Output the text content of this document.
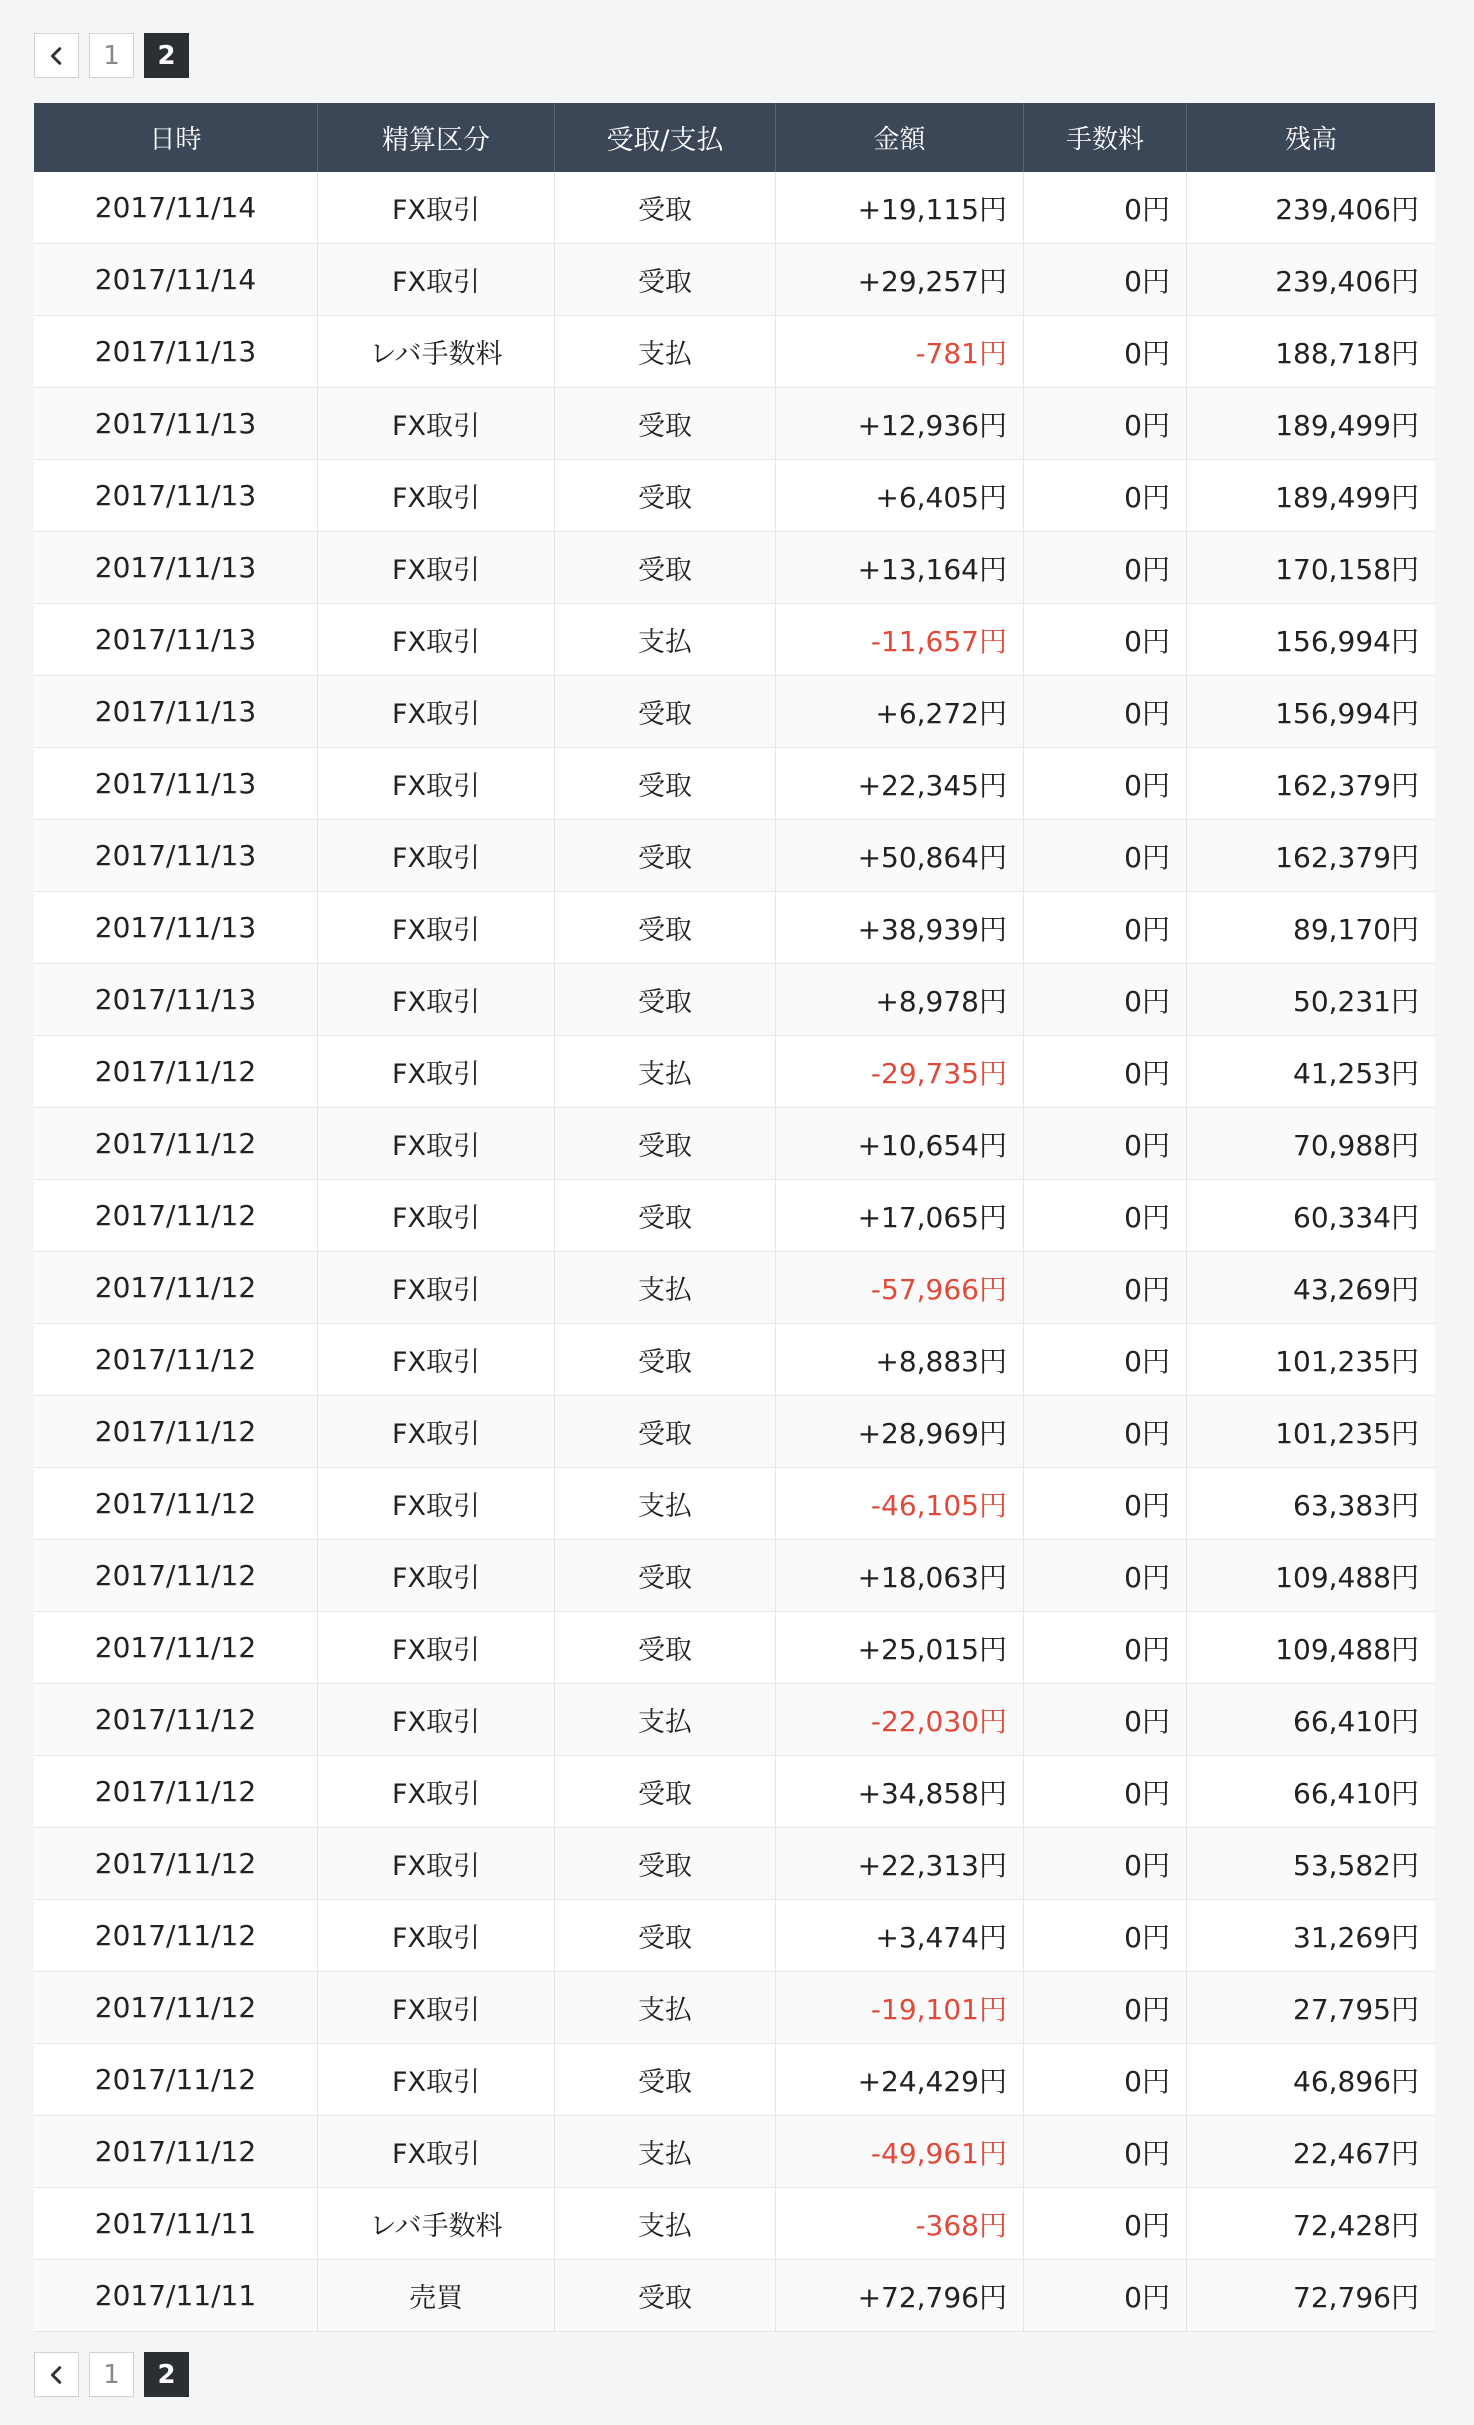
1	2
日時	精算区分	受取/支払	金額	手数料	残高
2017/11/14	FX取引	受取	+19,115円	0円	239,406円
2017/11/14	FX取引	受取	+29,257円	0円	239,406円
2017/11/13	レバ手数料	支払	-781円	0円	188,718円
2017/11/13	FX取引	受取	+12,936円	0円	189,499円
2017/11/13	FX取引	受取	+6,405円	0円	189,499円
2017/11/13	FX取引	受取	+13,164円	0円	170,158円
2017/11/13	FX取引	支払	-11,657円	0円	156,994円
2017/11/13	FX取引	受取	+6,272円	0円	156,994円
2017/11/13	FX取引	受取	+22,345円	0円	162,379円
2017/11/13	FX取引	受取	+50,864円	0円	162,379円
2017/11/13	FX取引	受取	+38,939円	0円	89,170円
2017/11/13	FX取引	受取	+8,978円	0円	50,231円
2017/11/12	FX取引	支払	-29,735円	0円	41,253円
2017/11/12	FX取引	受取	+10,654円	0円	70,988円
2017/11/12	FX取引	受取	+17,065円	0円	60,334円
2017/11/12	FX取引	支払	-57,966円	0円	43,269円
2017/11/12	FX取引	受取	+8,883円	0円	101,235円
2017/11/12	FX取引	受取	+28,969円	0円	101,235円
2017/11/12	FX取引	支払	-46,105円	0円	63,383円
2017/11/12	FX取引	受取	+18,063円	0円	109,488円
2017/11/12	FX取引	受取	+25,015円	0円	109,488円
2017/11/12	FX取引	支払	-22,030円	0円	66,410円
2017/11/12	FX取引	受取	+34,858円	0円	66,410円
2017/11/12	FX取引	受取	+22,313円	0円	53,582円
2017/11/12	FX取引	受取	+3,474円	0円	31,269円
2017/11/12	FX取引	支払	-19,101円	0円	27,795円
2017/11/12	FX取引	受取	+24,429円	0円	46,896円
2017/11/12	FX取引	支払	-49,961円	0円	22,467円
2017/11/11	レバ手数料	支払	-368円	0円	72,428円
2017/11/11	売買	受取	+72,796円	0円	72,796円
1	2
